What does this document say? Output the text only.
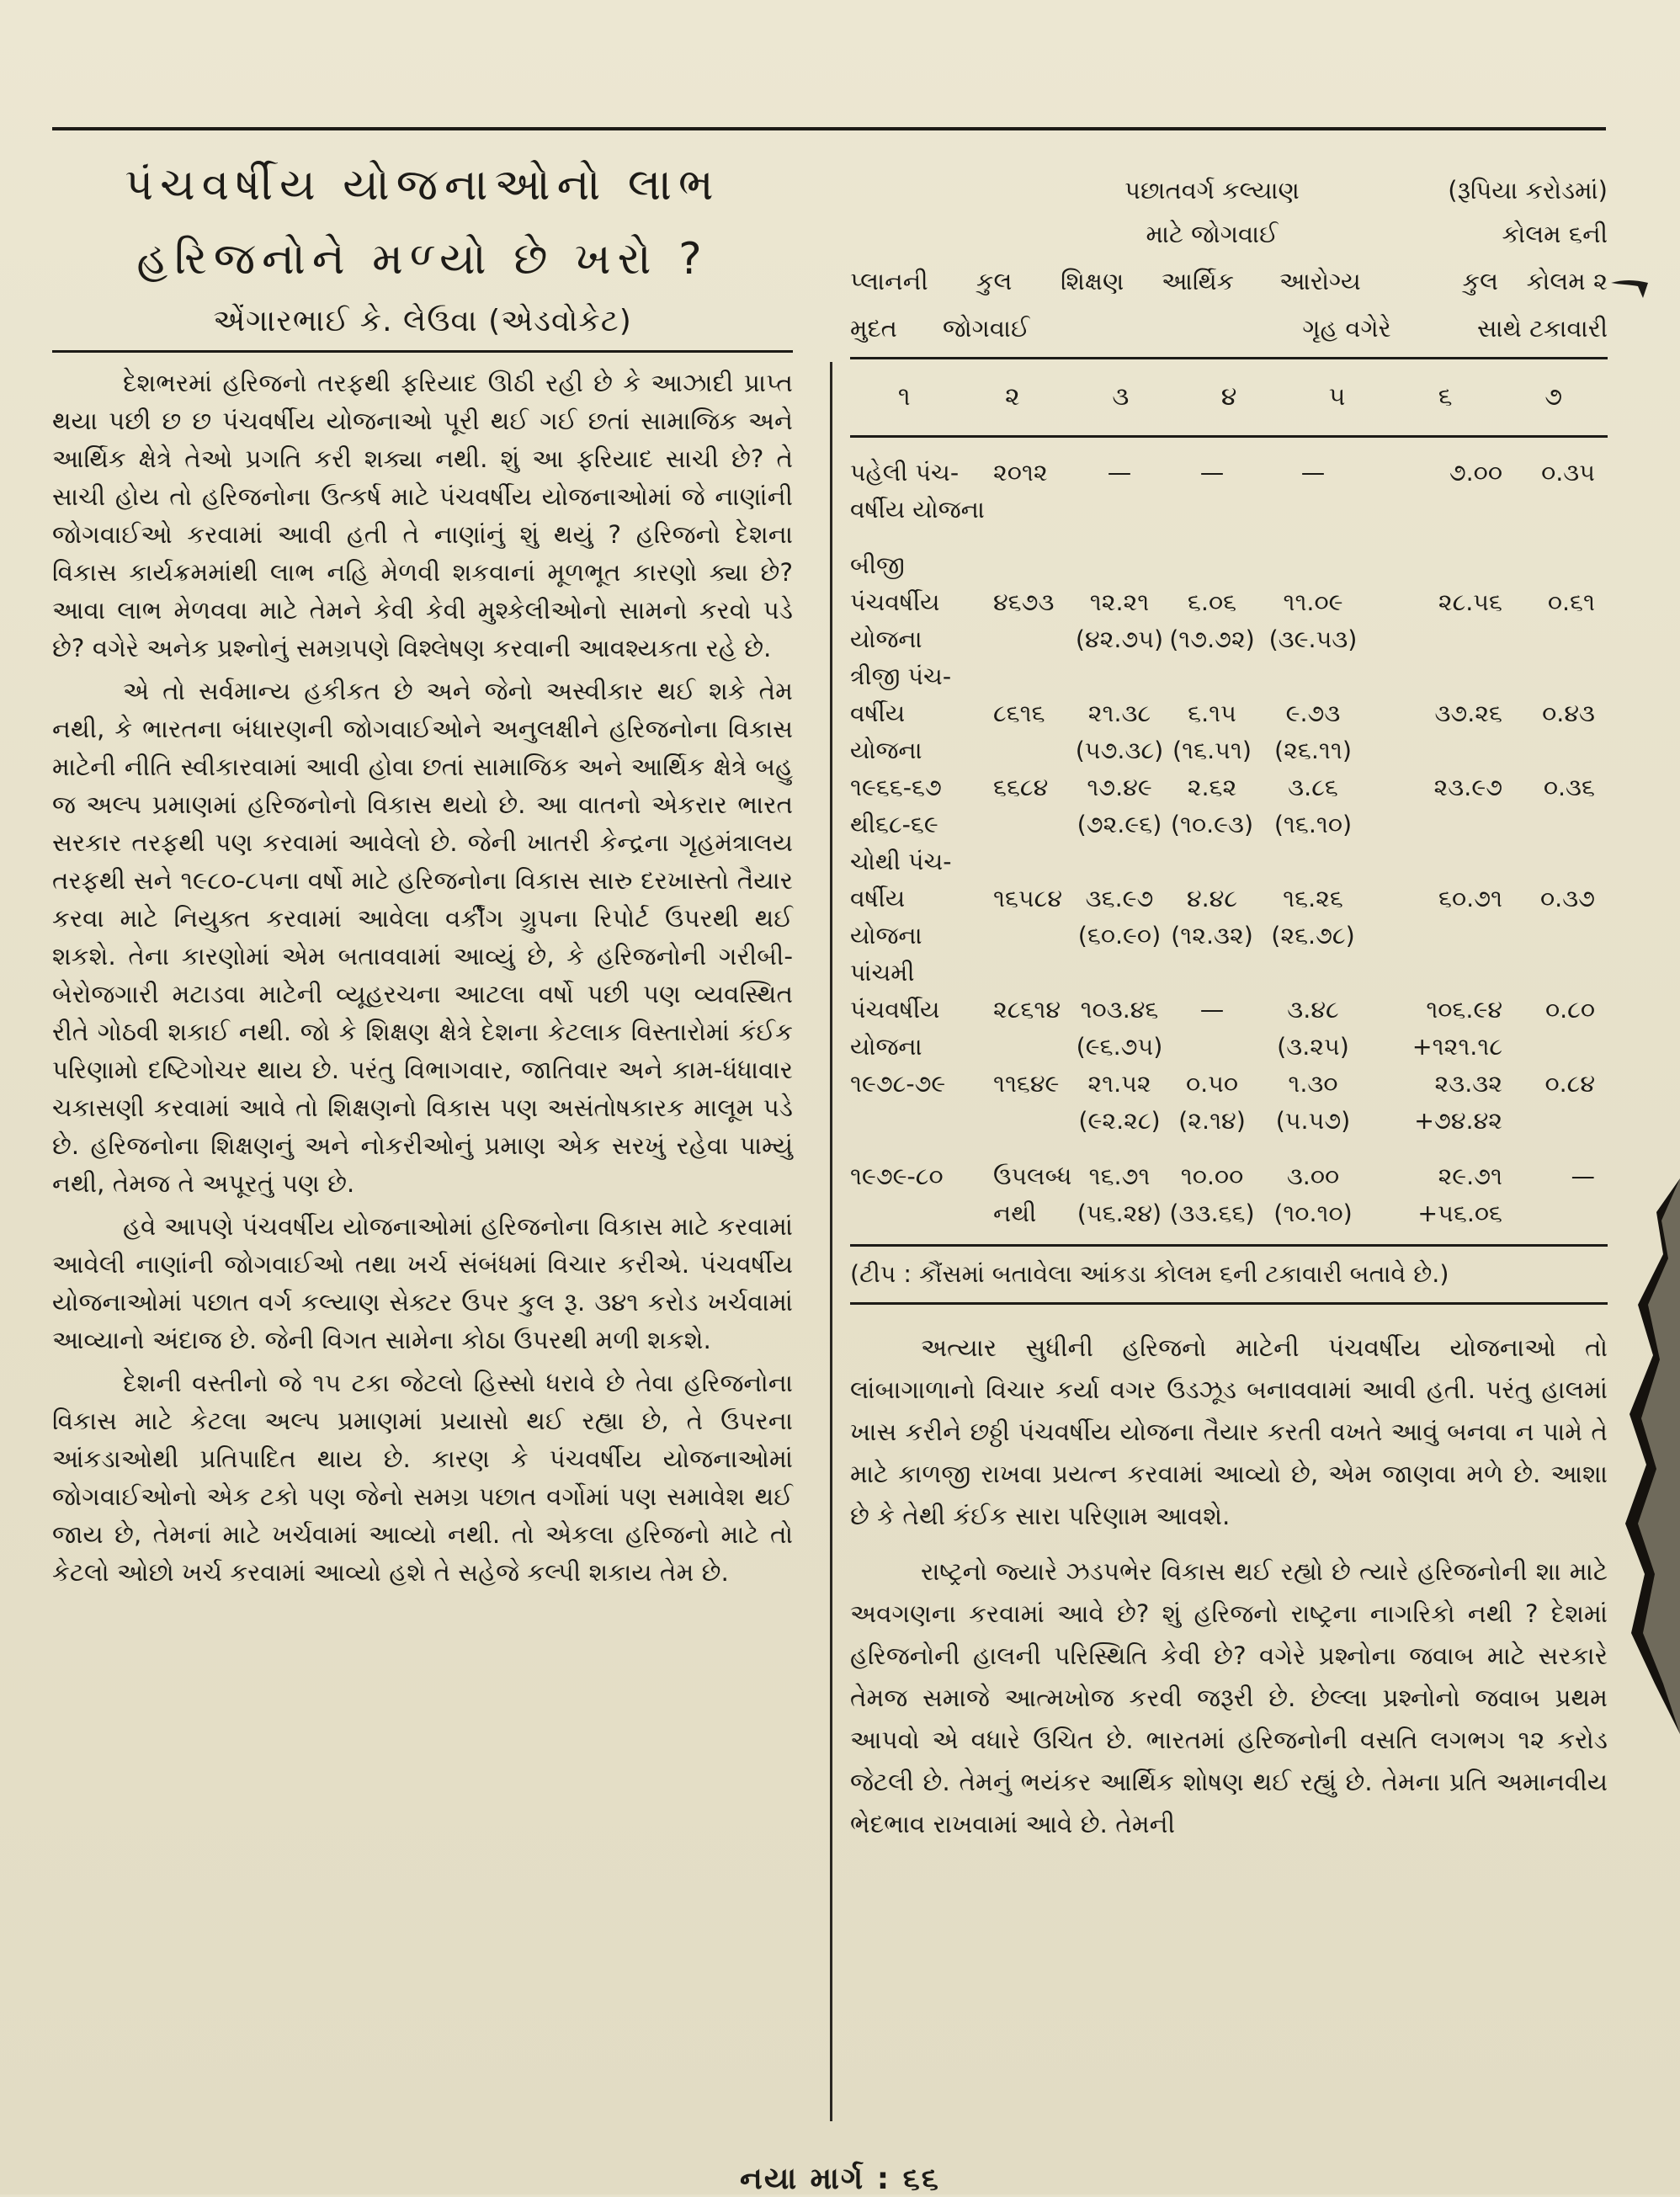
પંચવર્ષીય યોજનાઓનો લાભ
હરિજનોને મળ્યો છે ખરો ?
એંગારભાઈ કે. લેઉવા (એડવોકેટ)

દેશભરમાં હરિજનો તરફથી ફરિયાદ ઊઠી રહી છે કે આઝાદી પ્રાપ્ત થયા પછી છ છ પંચવર્ષીય યોજનાઓ પૂરી થઈ ગઈ છતાં સામાજિક અને આર્થિક ક્ષેત્રે તેઓ પ્રગતિ કરી શક્યા નથી. શું આ ફરિયાદ સાચી છે? તે સાચી હોય તો હરિજનોના ઉત્કર્ષ માટે પંચવર્ષીય યોજનાઓમાં જે નાણાંની જોગવાઈઓ કરવામાં આવી હતી તે નાણાંનું શું થયું ? હરિજનો દેશના વિકાસ કાર્યક્રમમાંથી લાભ નહિ મેળવી શકવાનાં મૂળભૂત કારણો ક્યા છે? આવા લાભ મેળવવા માટે તેમને કેવી કેવી મુશ્કેલીઓનો સામનો કરવો પડે છે? વગેરે અનેક પ્રશ્નોનું સમગ્રપણે વિશ્લેષણ કરવાની આવશ્યકતા રહે છે.

એ તો સર્વમાન્ય હકીકત છે અને જેનો અસ્વીકાર થઈ શકે તેમ નથી, કે ભારતના બંધારણની જોગવાઈઓને અનુલક્ષીને હરિજનોના વિકાસ માટેની નીતિ સ્વીકારવામાં આવી હોવા છતાં સામાજિક અને આર્થિક ક્ષેત્રે બહુ જ અલ્પ પ્રમાણમાં હરિજનોનો વિકાસ થયો છે. આ વાતનો એકરાર ભારત સરકાર તરફથી પણ કરવામાં આવેલો છે. જેની ખાતરી કેન્દ્રના ગૃહમંત્રાલય તરફથી સને ૧૯૮૦-૮૫ના વર્ષો માટે હરિજનોના વિકાસ સારુ દરખાસ્તો તૈયાર કરવા માટે નિયુક્ત કરવામાં આવેલા વર્કીંગ ગ્રુપના રિપોર્ટ ઉપરથી થઈ શકશે. તેના કારણોમાં એમ બતાવવામાં આવ્યું છે, કે હરિજનોની ગરીબી-બેરોજગારી મટાડવા માટેની વ્યૂહરચના આટલા વર્ષો પછી પણ વ્યવસ્થિત રીતે ગોઠવી શકાઈ નથી. જો કે શિક્ષણ ક્ષેત્રે દેશના કેટલાક વિસ્તારોમાં કંઈક પરિણામો દષ્ટિગોચર થાય છે. પરંતુ વિભાગવાર, જાતિવાર અને કામ-ધંધાવાર ચકાસણી કરવામાં આવે તો શિક્ષણનો વિકાસ પણ અસંતોષકારક માલૂમ પડે છે. હરિજનોના શિક્ષણનું અને નોકરીઓનું પ્રમાણ એક સરખું રહેવા પામ્યું નથી, તેમજ તે અપૂરતું પણ છે.

હવે આપણે પંચવર્ષીય યોજનાઓમાં હરિજનોના વિકાસ માટે કરવામાં આવેલી નાણાંની જોગવાઈઓ તથા ખર્ચ સંબંધમાં વિચાર કરીએ. પંચવર્ષીય યોજનાઓમાં પછાત વર્ગ કલ્યાણ સેક્ટર ઉપર કુલ રૂ. ૩૪૧ કરોડ ખર્ચવામાં આવ્યાનો અંદાજ છે. જેની વિગત સામેના કોઠા ઉપરથી મળી શકશે.

દેશની વસ્તીનો જે ૧૫ ટકા જેટલો હિસ્સો ધરાવે છે તેવા હરિજનોના વિકાસ માટે કેટલા અલ્પ પ્રમાણમાં પ્રયાસો થઈ રહ્યા છે, તે ઉપરના આંકડાઓથી પ્રતિપાદિત થાય છે. કારણ કે પંચવર્ષીય યોજનાઓમાં જોગવાઈઓનો એક ટકો પણ જેનો સમગ્ર પછાત વર્ગોમાં પણ સમાવેશ થઈ જાય છે, તેમનાં માટે ખર્ચવામાં આવ્યો નથી. તો એકલા હરિજનો માટે તો કેટલો ઓછો ખર્ચ કરવામાં આવ્યો હશે તે સહેજે કલ્પી શકાય તેમ છે.

પછાતવર્ગ કલ્યાણ	(રૂપિયા કરોડમાં)
માટે જોગવાઈ	કોલમ ૬ની
પ્લાનની	કુલ	શિક્ષણ	આર્થિક	આરોગ્ય	કુલ	કોલમ ૨
મુદત	જોગવાઈ	ગૃહ વગેરે	સાથે ટકાવારી
૧	૨	૩	૪	૫	૬	૭
પહેલી પંચ-	૨૦૧૨	—	—	—	૭.૦૦	૦.૩૫
વર્ષીય યોજના
બીજી
પંચવર્ષીય	૪૬૭૩	૧૨.૨૧	૬.૦૬	૧૧.૦૯	૨૮.૫૬	૦.૬૧
યોજના	(૪૨.૭૫) (૧૭.૭૨) (૩૯.૫૩)
ત્રીજી પંચ-
વર્ષીય	૮૬૧૬	૨૧.૩૮	૬.૧૫	૯.૭૩	૩૭.૨૬	૦.૪૩
યોજના	(૫૭.૩૮) (૧૬.૫૧) (૨૬.૧૧)
૧૯૬૬-૬૭	૬૬૮૪	૧૭.૪૯	૨.૬૨	૩.૮૬	૨૩.૯૭	૦.૩૬
થી૬૮-૬૯	(૭૨.૯૬) (૧૦.૯૩) (૧૬.૧૦)
ચોથી પંચ-
વર્ષીય	૧૬૫૮૪ ૩૬.૯૭	૪.૪૮	૧૬.૨૬	૬૦.૭૧	૦.૩૭
યોજના	(૬૦.૯૦) (૧૨.૩૨) (૨૬.૭૮)
પાંચમી
પંચવર્ષીય	૨૮૬૧૪ ૧૦૩.૪૬	—	૩.૪૮	૧૦૬.૯૪	૦.૮૦
યોજના	(૯૬.૭૫)	(૩.૨૫)	+૧૨૧.૧૮
૧૯૭૮-૭૯	૧૧૬૪૯	૨૧.૫૨	૦.૫૦	૧.૩૦	૨૩.૩૨	૦.૮૪
(૯૨.૨૮) (૨.૧૪)	(૫.૫૭)	+૭૪.૪૨
૧૯૭૯-૮૦	ઉપલબ્ધ ૧૬.૭૧	૧૦.૦૦	૩.૦૦	૨૯.૭૧	—
નથી	(૫૬.૨૪) (૩૩.૬૬) (૧૦.૧૦)	+૫૬.૦૬
(ટીપ : કૌંસમાં બતાવેલા આંકડા કોલમ ૬ની ટકાવારી બતાવે છે.)

અત્યાર સુધીની હરિજનો માટેની પંચવર્ષીય યોજનાઓ તો લાંબાગાળાનો વિચાર કર્યા વગર ઉડઝૂડ બનાવવામાં આવી હતી. પરંતુ હાલમાં ખાસ કરીને છઠ્ઠી પંચવર્ષીય યોજના તૈયાર કરતી વખતે આવું બનવા ન પામે તે માટે કાળજી રાખવા પ્રયત્ન કરવામાં આવ્યો છે, એમ જાણવા મળે છે. આશા છે કે તેથી કંઈક સારા પરિણામ આવશે.

રાષ્ટ્રનો જ્યારે ઝડપભેર વિકાસ થઈ રહ્યો છે ત્યારે હરિજનોની શા માટે અવગણના કરવામાં આવે છે? શું હરિજનો રાષ્ટ્રના નાગરિકો નથી ? દેશમાં હરિજનોની હાલની પરિસ્થિતિ કેવી છે? વગેરે પ્રશ્નોના જવાબ માટે સરકારે તેમજ સમાજે આત્મખોજ કરવી જરૂરી છે. છેલ્લા પ્રશ્નોનો જવાબ પ્રથમ આપવો એ વધારે ઉચિત છે. ભારતમાં હરિજનોની વસતિ લગભગ ૧૨ કરોડ જેટલી છે. તેમનું ભયંકર આર્થિક શોષણ થઈ રહ્યું છે. તેમના પ્રતિ અમાનવીય ભેદભાવ રાખવામાં આવે છે. તેમની

નયા માર્ગ : ૬૬
